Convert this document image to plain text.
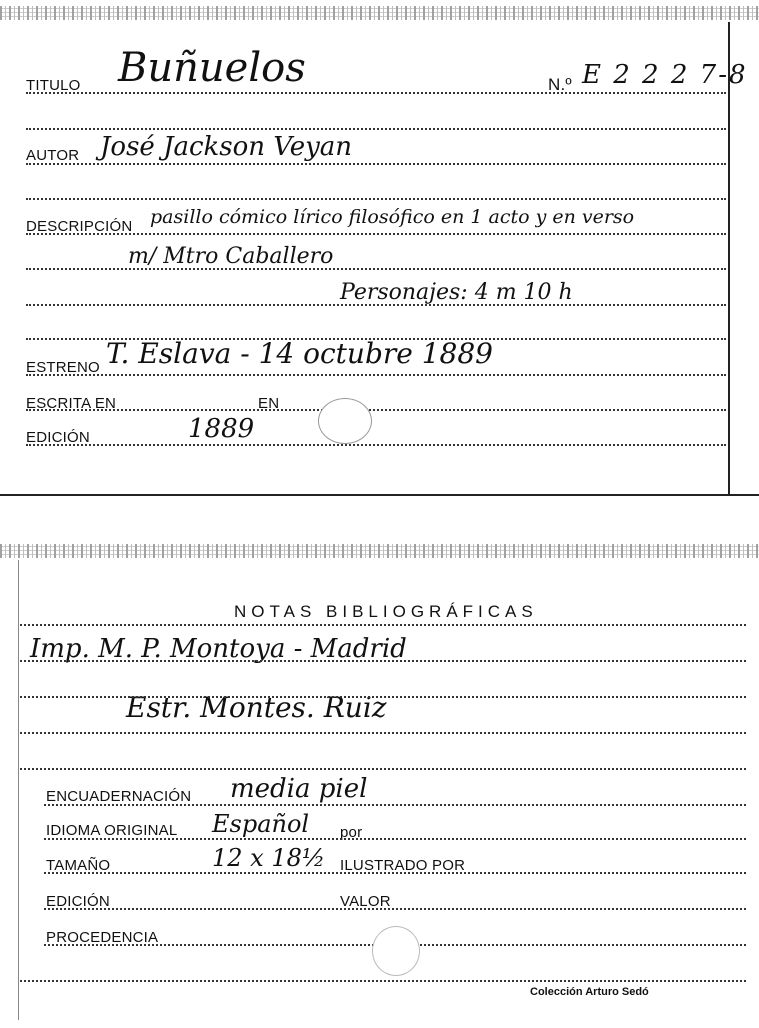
TITULO Buñuelos	N.º E 2 2 2 7-8
AUTOR José Jackson Veyan
DESCRIPCIÓN pasillo cómico lírico filosófico en 1 acto y en verso
m/ Mtro Caballero
Personajes: 4 m 10 h
ESTRENO T. Eslava - 14 octubre 1889
ESCRITA EN	EN
EDICIÓN	1889
NOTAS BIBLIOGRÁFICAS
Imp. M. P. Montoya - Madrid
Estr. Montes. Ruiz
ENCUADERNACIÓN media piel
IDIOMA ORIGINAL Español por
TAMAÑO	12 x 18½ ILUSTRADO POR
EDICIÓN	VALOR
PROCEDENCIA
Colección Arturo Sedó
